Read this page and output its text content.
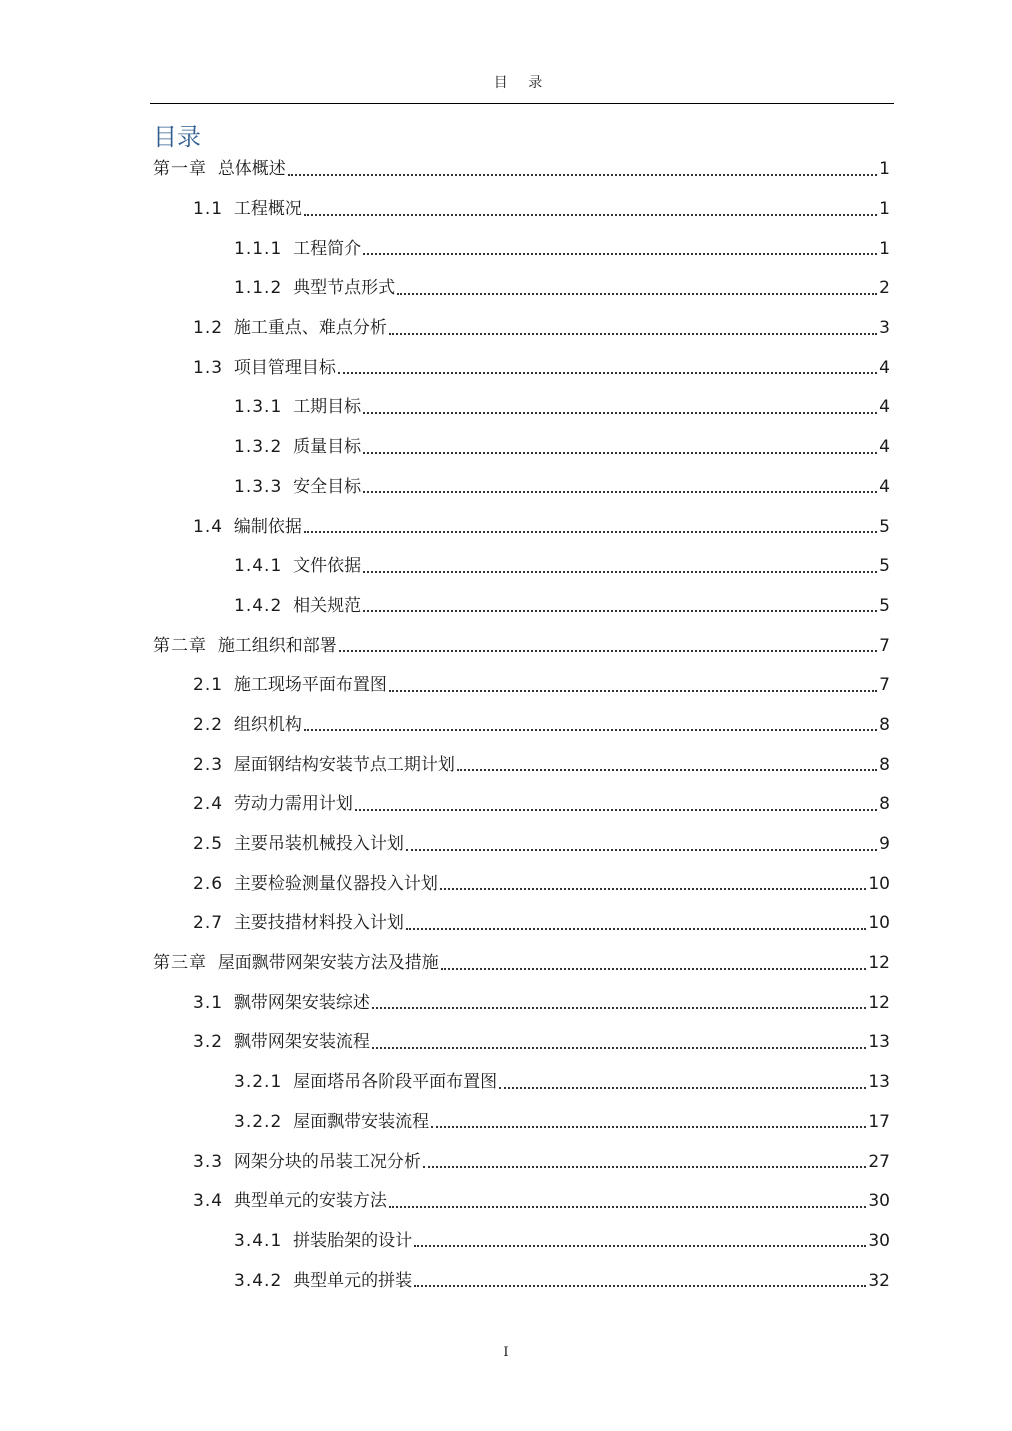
目 录
目录
第一章 总体概述	1
1.1 工程概况	1
1.1.1 工程简介	1
1.1.2 典型节点形式	2
1.2 施工重点、难点分析	3
1.3 项目管理目标	4
1.3.1 工期目标	4
1.3.2 质量目标	4
1.3.3 安全目标	4
1.4 编制依据	5
1.4.1 文件依据	5
1.4.2 相关规范	5
第二章 施工组织和部署	7
2.1 施工现场平面布置图	7
2.2 组织机构	8
2.3 屋面钢结构安装节点工期计划	8
2.4 劳动力需用计划	8
2.5 主要吊装机械投入计划	9
2.6 主要检验测量仪器投入计划	10
2.7 主要技措材料投入计划	10
第三章 屋面飘带网架安装方法及措施	12
3.1 飘带网架安装综述	12
3.2 飘带网架安装流程	13
3.2.1 屋面塔吊各阶段平面布置图	13
3.2.2 屋面飘带安装流程	17
3.3 网架分块的吊装工况分析	27
3.4 典型单元的安装方法	30
3.4.1 拼装胎架的设计	30
3.4.2 典型单元的拼装	32
I
